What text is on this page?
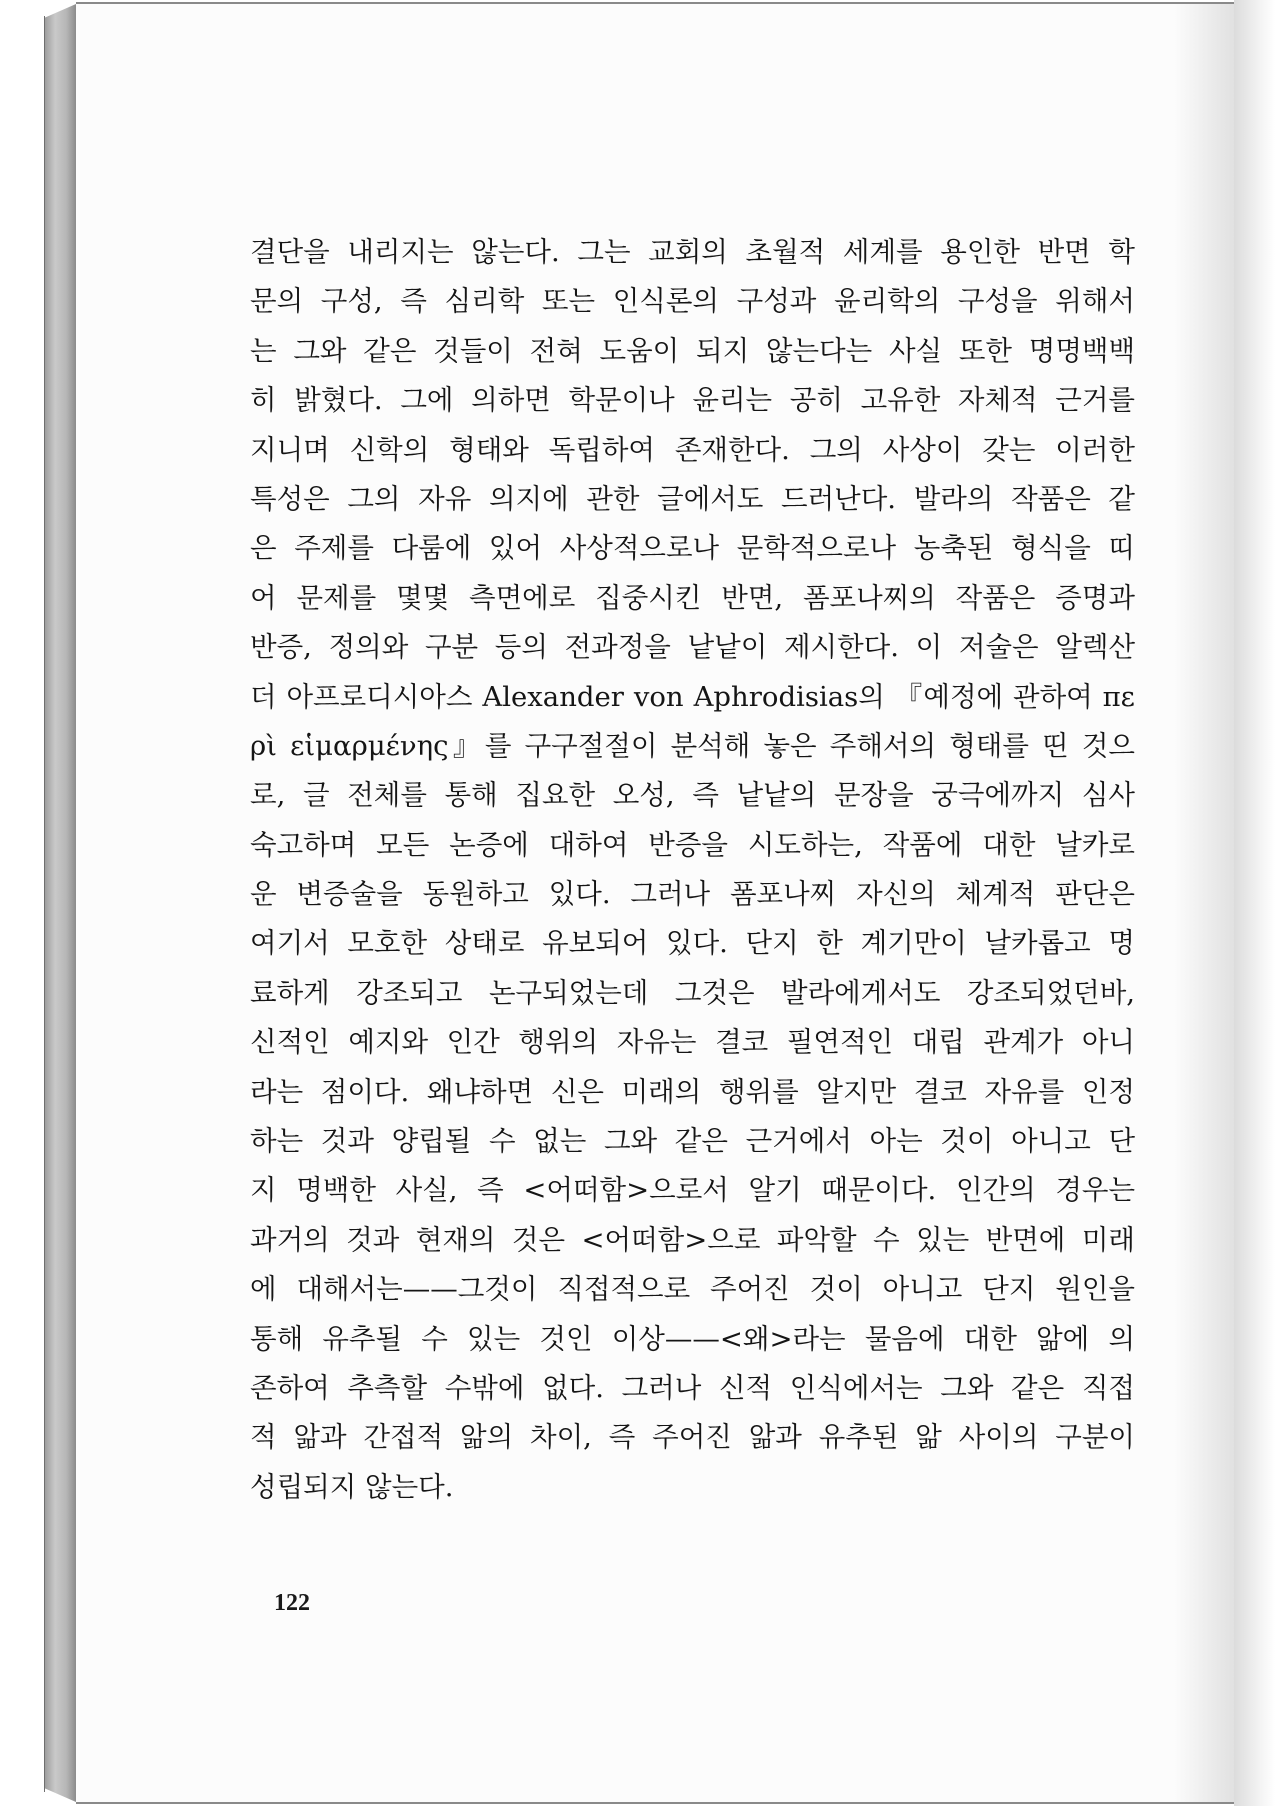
결단을 내리지는 않는다. 그는 교회의 초월적 세계를 용인한 반면 학
문의 구성, 즉 심리학 또는 인식론의 구성과 윤리학의 구성을 위해서
는 그와 같은 것들이 전혀 도움이 되지 않는다는 사실 또한 명명백백
히 밝혔다. 그에 의하면 학문이나 윤리는 공히 고유한 자체적 근거를
지니며 신학의 형태와 독립하여 존재한다. 그의 사상이 갖는 이러한
특성은 그의 자유 의지에 관한 글에서도 드러난다. 발라의 작품은 같
은 주제를 다룸에 있어 사상적으로나 문학적으로나 농축된 형식을 띠
어 문제를 몇몇 측면에로 집중시킨 반면, 폼포나찌의 작품은 증명과
반증, 정의와 구분 등의 전과정을 낱낱이 제시한다. 이 저술은 알렉산
더 아프로디시아스 Alexander von Aphrodisias의 『예정에 관하여 πε
ρὶ εἱμαρμένης』를 구구절절이 분석해 놓은 주해서의 형태를 띤 것으
로, 글 전체를 통해 집요한 오성, 즉 낱낱의 문장을 궁극에까지 심사
숙고하며 모든 논증에 대하여 반증을 시도하는, 작품에 대한 날카로
운 변증술을 동원하고 있다. 그러나 폼포나찌 자신의 체계적 판단은
여기서 모호한 상태로 유보되어 있다. 단지 한 계기만이 날카롭고 명
료하게 강조되고 논구되었는데 그것은 발라에게서도 강조되었던바,
신적인 예지와 인간 행위의 자유는 결코 필연적인 대립 관계가 아니
라는 점이다. 왜냐하면 신은 미래의 행위를 알지만 결코 자유를 인정
하는 것과 양립될 수 없는 그와 같은 근거에서 아는 것이 아니고 단
지 명백한 사실, 즉 <어떠함>으로서 알기 때문이다. 인간의 경우는
과거의 것과 현재의 것은 <어떠함>으로 파악할 수 있는 반면에 미래
에 대해서는——그것이 직접적으로 주어진 것이 아니고 단지 원인을
통해 유추될 수 있는 것인 이상——<왜>라는 물음에 대한 앎에 의
존하여 추측할 수밖에 없다. 그러나 신적 인식에서는 그와 같은 직접
적 앎과 간접적 앎의 차이, 즉 주어진 앎과 유추된 앎 사이의 구분이
성립되지 않는다.
122
